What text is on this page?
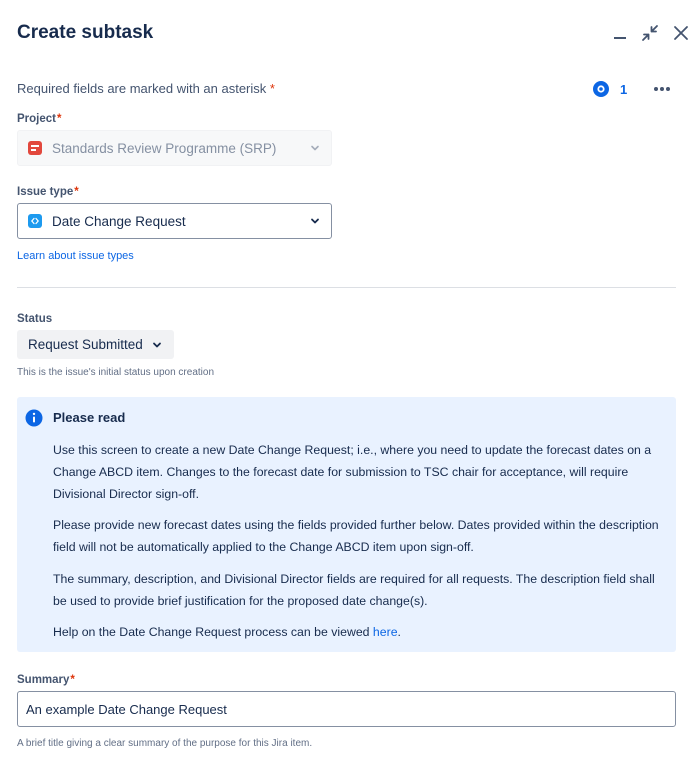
Create subtask
Required fields are marked with an asterisk *	1
Project*
Standards Review Programme (SRP)
Issue type*
Date Change Request
Learn about issue types
Status
Request Submitted
This is the issue's initial status upon creation
Please read
Use this screen to create a new Date Change Request; i.e., where you need to update the forecast dates on a Change ABCD item. Changes to the forecast date for submission to TSC chair for acceptance, will require Divisional Director sign-off.
Please provide new forecast dates using the fields provided further below. Dates provided within the description field will not be automatically applied to the Change ABCD item upon sign-off.
The summary, description, and Divisional Director fields are required for all requests. The description field shall be used to provide brief justification for the proposed date change(s).
Help on the Date Change Request process can be viewed here.
Summary*
An example Date Change Request
A brief title giving a clear summary of the purpose for this Jira item.
